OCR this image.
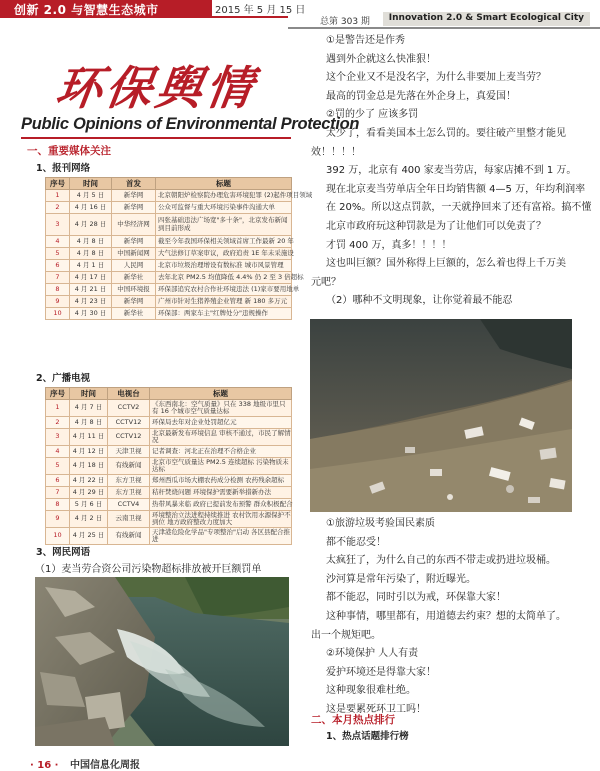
创新 2.0 与智慧生态城市	2015 年 5 月 15 日
总第 303 期	Innovation 2.0 & Smart Ecological City
环保舆情
Public Opinions of Environmental Protection
一、重要媒体关注
1、报刊网络
序号	时间	首发	标题
1	4 月 5 日	新华网	北京朝阳炉检察院办理危害环境犯罪 (2)起件项目领域
2	4 月 16 日	新华网	公众可监督与重大环境污染事件沟通大单
3	4 月 28 日	中华经济网	四张基础违法广场宽"多十条"，北京发布新闻到目前形成
4	4 月 8 日	新华网	截至今年我国环保相关领域首席工作最新 20 年
5	4 月 8 日	中国新闻网	大气法修订草案审议，政府追责 1E 年未采施设
6	4 月 1 日	人民网	北京市垃圾治理增设有数标准 城市风景管理
7	4 月 17 日	新华社	去年北京 PM2.5 均值降低 4.4% 仍 2 至 3 倍超标
8	4 月 21 日	中国环境报	环保部追究农村合作社环境违法 (1)家市要用地单
9	4 月 23 日	新华网	广州市针对生猪养殖企业管理 新 180 多万元
10	4 月 30 日	新华社	环保部：两家车主"红牌处分"违规操作
2、广播电视
序号	时间	电视台	标题
1	4 月 7 日	CCTV2	《东西南北：空气质量》只在 338 地级市里只有 16 个城市空气质量达标
2	4 月 8 日	CCTV12	环保局去年对企业处罚超亿元
3	4 月 11 日	CCTV12	北京最新发布环境信息 审核不通过，市民了解情况
4	4 月 12 日	天津卫视	记者调查：河北正在治理不合格企业
5	4 月 18 日	有线新闻	北京市空气质量达 PM2.5 连续超标 污染物质未达标
6	4 月 22 日	东方卫视	郑州西瓜市场大棚农药成分检测 农药残余超标
7	4 月 29 日	东方卫视	秸秆焚烧问题 环境保护需要新举措新办法
8	5 月 6 日	CCTV4	热带风暴来临 政府已提前发布预警 群众积极配合
9	4 月 2 日	云南卫视	环境整治立法进程持续推进 农村饮用水源保护不到位 地方政府整改力度加大
10	4 月 25 日	有线新闻	天津港危险化学品"专项整治"启动 各区县配合推进
3、网民网语
（1）麦当劳合资公司污染物超标排放被开巨额罚单
①是警告还是作秀
遇到外企就这么快准狠！
这个企业又不是没名字，为什么非要加上麦当劳？
最高的罚金总是先落在外企身上，真爱国！
②罚的少了 应该多罚
太少了，看看美国本土怎么罚的。要往破产里整才能见
效！！！！
392 万，北京有 400 家麦当劳店，每家店摊不到 1 万。
现在北京麦当劳单店全年日均销售额 4—5 万，年均利润率
在 20%。所以这点罚款，一天就挣回来了还有富裕。搞不懂
北京市政府玩这种罚款是为了让他们可以免责了？
才罚 400 万，真多！！！！
这也叫巨额？国外称得上巨额的，怎么着也得上千万美
元吧？
（2）哪种不文明现象，让你觉着最不能忍
①旅游垃圾考验国民素质
都不能忍受！
太疯狂了，为什么自己的东西不带走或扔进垃圾桶。
沙河算是常年污染了，附近曝光。
都不能忍，同时引以为戒，环保靠大家！
这种事情，哪里都有，用道德去约束？想的太简单了。
出一个规矩吧。
②环境保护 人人有责
爱护环境还是得靠大家！
这种现象很难杜绝。
这是要累死环卫工吗！
二、本月热点排行
1、热点话题排行榜
· 16 · 中国信息化周报
